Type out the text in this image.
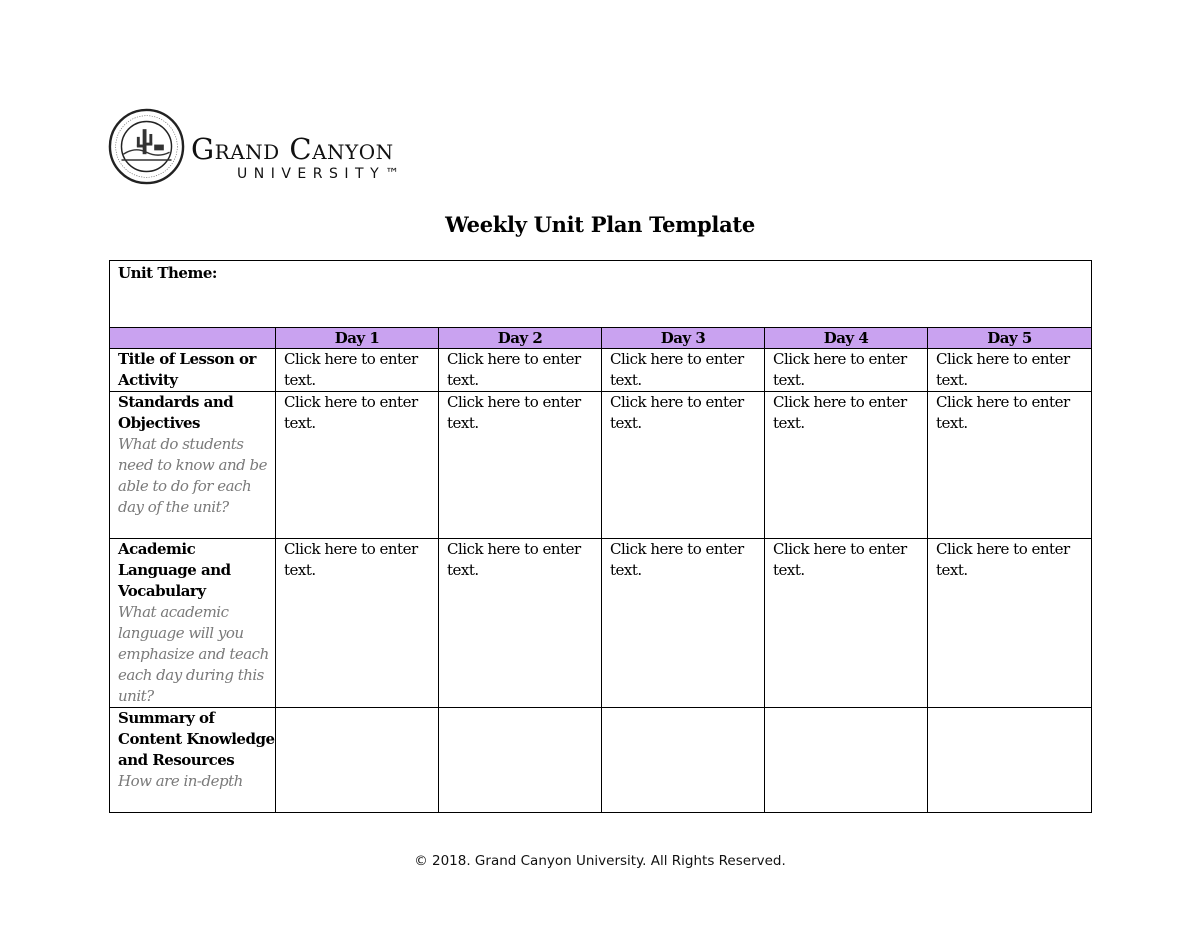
Grand Canyon
UNIVERSITY™
Weekly Unit Plan Template
Unit Theme:					
	Day 1	Day 2	Day 3	Day 4	Day 5
Title of Lesson or Activity	Click here to enter text.	Click here to enter text.	Click here to enter text.	Click here to enter text.	Click here to enter text.
Standards and Objectives
What do students need to know and be able to do for each day of the unit?	Click here to enter text.	Click here to enter text.	Click here to enter text.	Click here to enter text.	Click here to enter text.
Academic Language and Vocabulary
What academic language will you emphasize and teach each day during this unit?	Click here to enter text.	Click here to enter text.	Click here to enter text.	Click here to enter text.	Click here to enter text.

Summary of Content Knowledge and Resources
How are in-depth					

© 2018. Grand Canyon University. All Rights Reserved.
